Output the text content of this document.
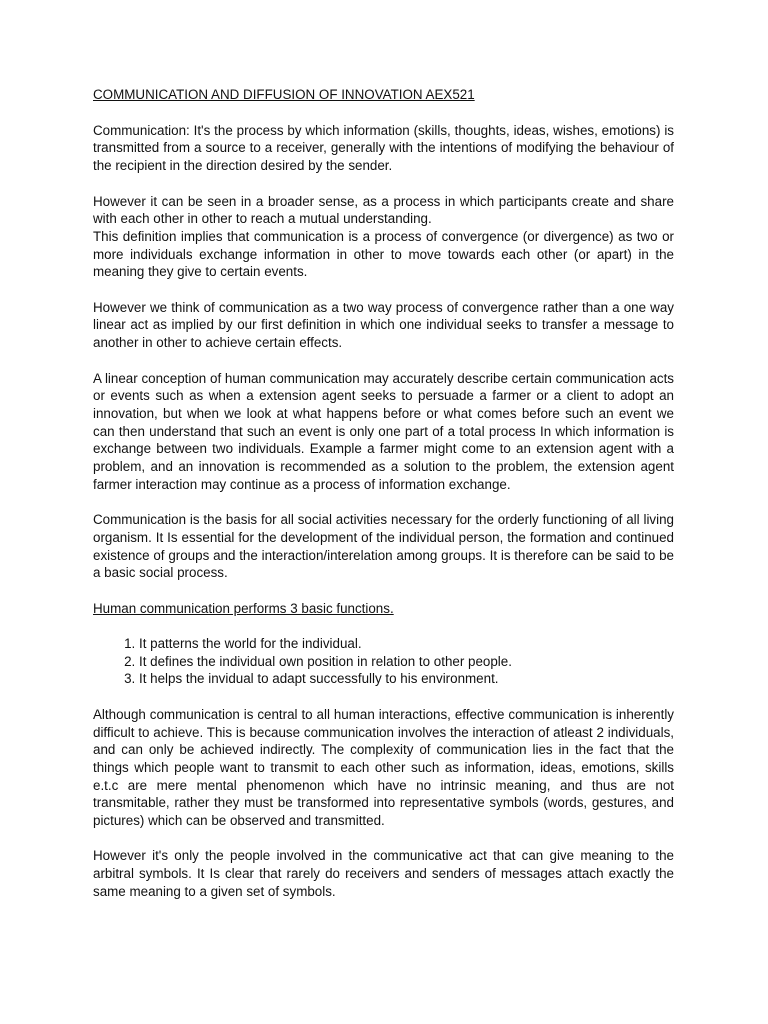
COMMUNICATION AND DIFFUSION OF INNOVATION AEX521

Communication: It's the process by which information (skills, thoughts, ideas, wishes, emotions) is transmitted from a source to a receiver, generally with the intentions of modifying the behaviour of the recipient in the direction desired by the sender.

However it can be seen in a broader sense, as a process in which participants create and share with each other in other to reach a mutual understanding.

This definition implies that communication is a process of convergence (or divergence) as two or more individuals exchange information in other to move towards each other (or apart) in the meaning they give to certain events.

However we think of communication as a two way process of convergence rather than a one way linear act as implied by our first definition in which one individual seeks to transfer a message to another in other to achieve certain effects.

A linear conception of human communication may accurately describe certain communication acts or events such as when a extension agent seeks to persuade a farmer or a client to adopt an innovation, but when we look at what happens before or what comes before such an event we can then understand that such an event is only one part of a total process In which information is exchange between two individuals. Example a farmer might come to an extension agent with a problem, and an innovation is recommended as a solution to the problem, the extension agent farmer interaction may continue as a process of information exchange.

Communication is the basis for all social activities necessary for the orderly functioning of all living organism. It Is essential for the development of the individual person, the formation and continued existence of groups and the interaction/interelation among groups. It is therefore can be said to be a basic social process.

Human communication performs 3 basic functions.

1. It patterns the world for the individual.
2. It defines the individual own position in relation to other people.
3. It helps the invidual to adapt successfully to his environment.

Although communication is central to all human interactions, effective communication is inherently difficult to achieve. This is because communication involves the interaction of atleast 2 individuals, and can only be achieved indirectly. The complexity of communication lies in the fact that the things which people want to transmit to each other such as information, ideas, emotions, skills e.t.c are mere mental phenomenon which have no intrinsic meaning, and thus are not transmitable, rather they must be transformed into representative symbols (words, gestures, and pictures) which can be observed and transmitted.

However it's only the people involved in the communicative act that can give meaning to the arbitral symbols. It Is clear that rarely do receivers and senders of messages attach exactly the same meaning to a given set of symbols.
